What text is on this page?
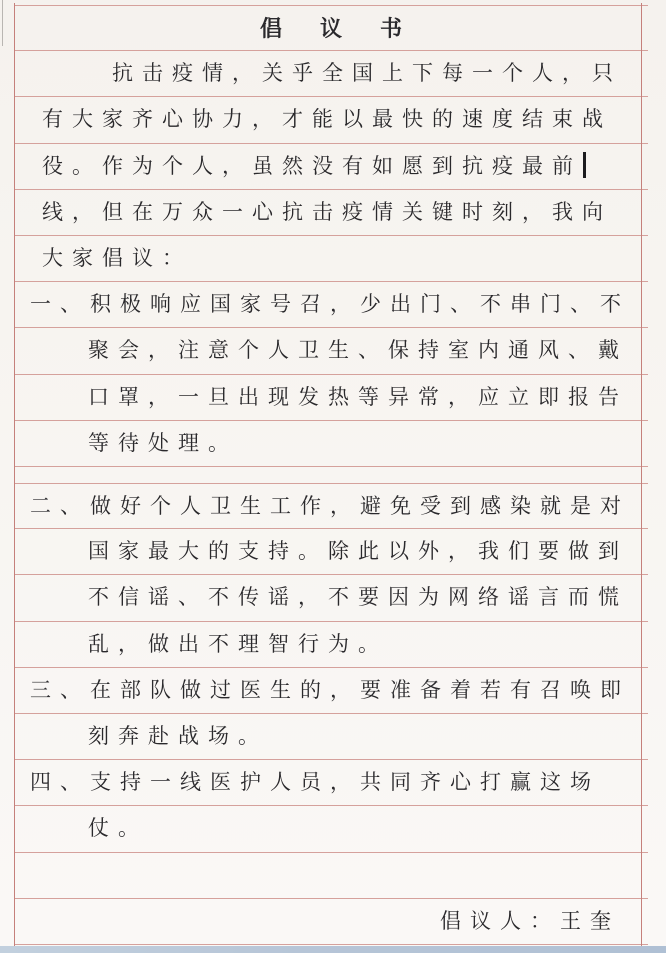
倡议书
抗击疫情，关乎全国上下每一个人，只
有大家齐心协力，才能以最快的速度结束战
役。作为个人，虽然没有如愿到抗疫最前
线，但在万众一心抗击疫情关键时刻，我向
大家倡议：
一、积极响应国家号召，少出门、不串门、不
聚会，注意个人卫生、保持室内通风、戴
口罩，一旦出现发热等异常，应立即报告
等待处理。
二、做好个人卫生工作，避免受到感染就是对
国家最大的支持。除此以外，我们要做到
不信谣、不传谣，不要因为网络谣言而慌
乱，做出不理智行为。
三、在部队做过医生的，要准备着若有召唤即
刻奔赴战场。
四、支持一线医护人员，共同齐心打赢这场
仗。
倡议人：王奎
